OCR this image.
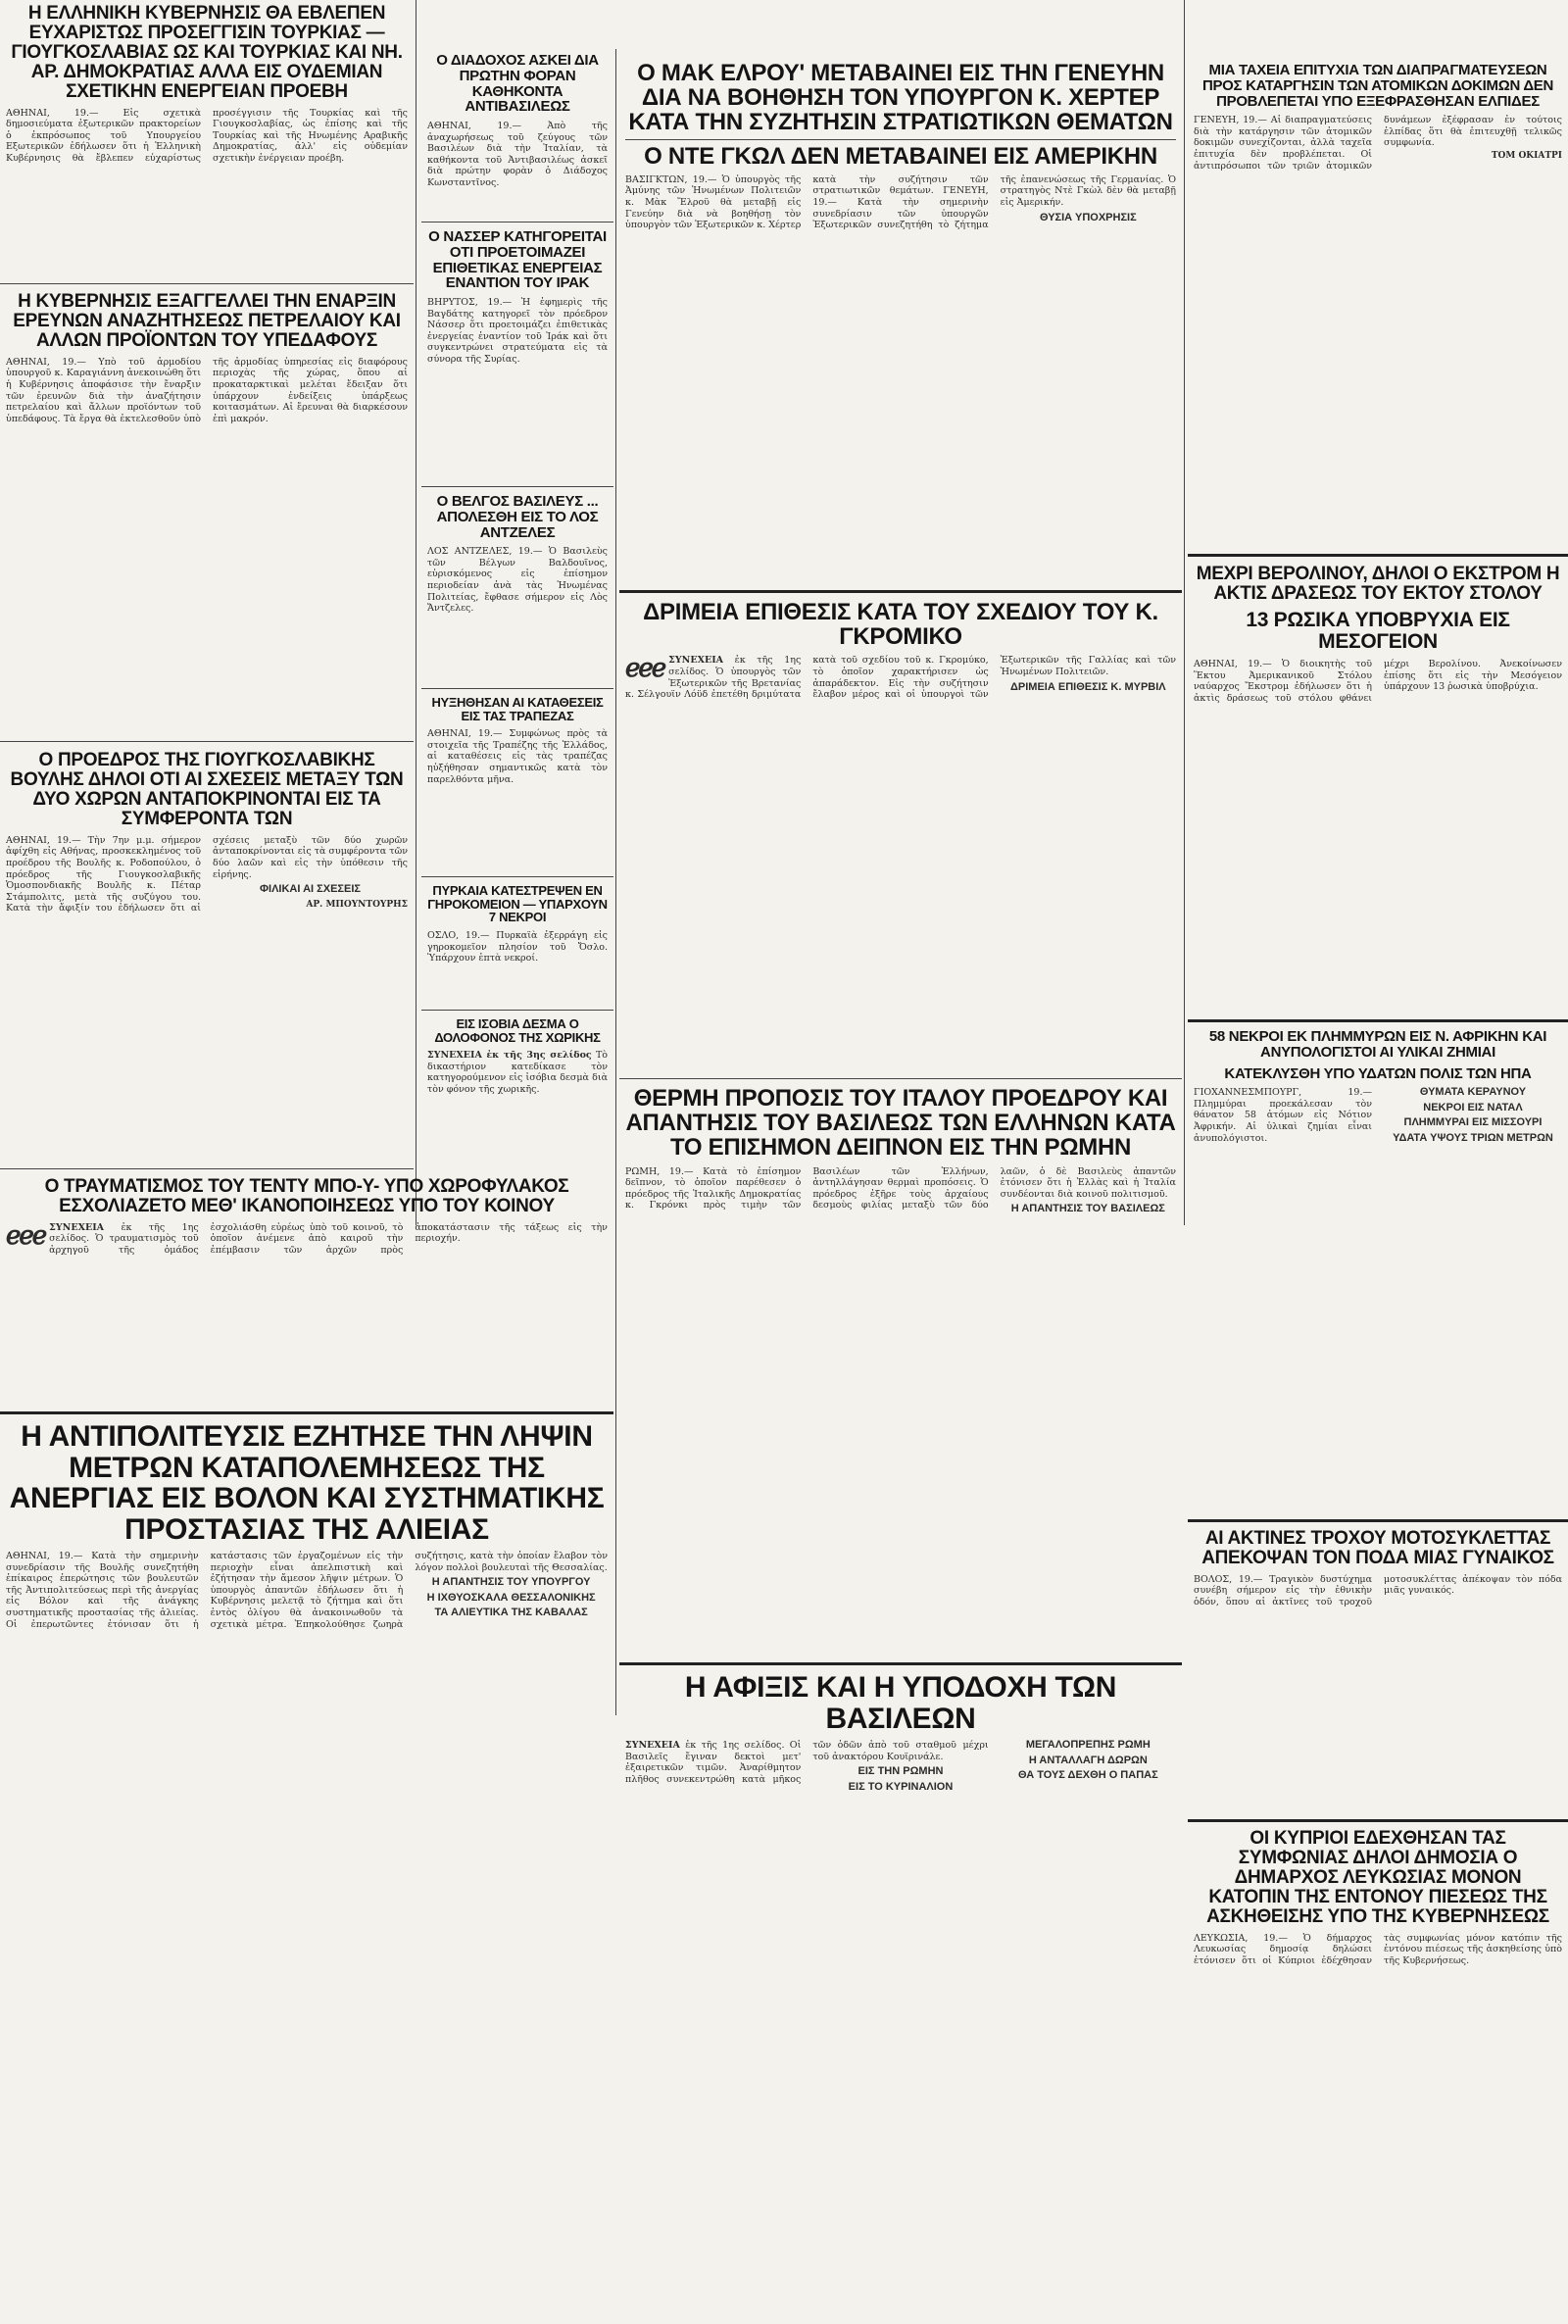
Η ΕΛΛΗΝΙΚΗ ΚΥΒΕΡΝΗΣΙΣ ΘΑ ΕΒΛΕΠΕΝ ΕΥΧΑΡΙΣΤΩΣ ΠΡΟΣΕΓΓΙΣΙΝ ΤΟΥΡΚΙΑΣ — ΓΙΟΥΓΚΟΣΛΑΒΙΑΣ ΩΣ ΚΑΙ ΤΟΥΡΚΙΑΣ ΚΑΙ ΝΗ. ΑΡ. ΔΗΜΟΚΡΑΤΙΑΣ ΑΛΛΑ ΕΙΣ ΟΥΔΕΜΙΑΝ ΣΧΕΤΙΚΗΝ ΕΝΕΡΓΕΙΑΝ ΠΡΟΕΒΗ
ΑΘΗΝΑΙ, 19.— Εἰς σχετικὰ δημοσιεύματα ἐξωτερικῶν πρακτορείων ὁ ἐκπρόσωπος τοῦ Υπουργείου Εξωτερικῶν ἐδήλωσεν ὅτι ἡ Ἑλληνικὴ Κυβέρνησις θὰ ἔβλεπεν εὐχαρίστως προσέγγισιν τῆς Τουρκίας καὶ τῆς Γιουγκοσλαβίας, ὡς ἐπίσης καὶ τῆς Τουρκίας καὶ τῆς Ηνωμένης Αραβικῆς Δημοκρατίας, ἀλλ' εἰς οὐδεμίαν σχετικὴν ἐνέργειαν προέβη.
Η ΚΥΒΕΡΝΗΣΙΣ ΕΞΑΓΓΕΛΛΕΙ ΤΗΝ ΕΝΑΡΞΙΝ ΕΡΕΥΝΩΝ ΑΝΑΖΗΤΗΣΕΩΣ ΠΕΤΡΕΛΑΙΟΥ ΚΑΙ ΑΛΛΩΝ ΠΡΟΪΟΝΤΩΝ ΤΟΥ ΥΠΕΔΑΦΟΥΣ
ΑΘΗΝΑΙ, 19.— Υπὸ τοῦ ἁρμοδίου ὑπουργοῦ κ. Καραγιάννη ἀνεκοινώθη ὅτι ἡ Κυβέρνησις ἀποφάσισε τὴν ἔναρξιν τῶν ἐρευνῶν διὰ τὴν ἀναζήτησιν πετρελαίου καὶ ἄλλων προϊόντων τοῦ ὑπεδάφους. Τὰ ἔργα θὰ ἐκτελεσθοῦν ὑπὸ τῆς ἀρμοδίας ὑπηρεσίας εἰς διαφόρους περιοχὰς τῆς χώρας, ὅπου αἱ προκαταρκτικαὶ μελέται ἔδειξαν ὅτι ὑπάρχουν ἐνδείξεις ὑπάρξεως κοιτασμάτων. Αἱ ἔρευναι θὰ διαρκέσουν ἐπὶ μακρόν.
Ο ΠΡΟΕΔΡΟΣ ΤΗΣ ΓΙΟΥΓΚΟΣΛΑΒΙΚΗΣ ΒΟΥΛΗΣ ΔΗΛΟΙ ΟΤΙ ΑΙ ΣΧΕΣΕΙΣ ΜΕΤΑΞΥ ΤΩΝ ΔΥΟ ΧΩΡΩΝ ΑΝΤΑΠΟΚΡΙΝΟΝΤΑΙ ΕΙΣ ΤΑ ΣΥΜΦΕΡΟΝΤΑ ΤΩΝ
ΑΘΗΝΑΙ, 19.— Τὴν 7ην μ.μ. σήμερον ἀφίχθη εἰς Αθήνας, προσκεκλημένος τοῦ προέδρου τῆς Βουλῆς κ. Ροδοπούλου, ὁ πρόεδρος τῆς Γιουγκοσλαβικῆς Ὁμοσπονδιακῆς Βουλῆς κ. Πέταρ Στάμπολιτς, μετὰ τῆς συζύγου του. Κατὰ τὴν ἄφιξίν του ἐδήλωσεν ὅτι αἱ σχέσεις μεταξὺ τῶν δύο χωρῶν ἀνταποκρίνονται εἰς τὰ συμφέροντα τῶν δύο λαῶν καὶ εἰς τὴν ὑπόθεσιν τῆς εἰρήνης.
ΦΙΛΙΚΑΙ ΑΙ ΣΧΕΣΕΙΣ
ΑΡ. ΜΠΟΥΝΤΟΥΡΗΣ
Ο ΤΡΑΥΜΑΤΙΣΜΟΣ ΤΟΥ ΤΕΝΤΥ ΜΠΟ-Υ- ΥΠΟ ΧΩΡΟΦΥΛΑΚΟΣ ΕΣΧΟΛΙΑΖΕΤΟ ΜΕΘ' ΙΚΑΝΟΠΟΙΗΣΕΩΣ ΥΠΟ ΤΟΥ ΚΟΙΝΟΥ
ℯℯℯ ΣΥΝΕΧΕΙΑ ἐκ τῆς 1ης σελίδος. Ὁ τραυματισμὸς τοῦ ἀρχηγοῦ τῆς ὁμάδος ἐσχολιάσθη εὐρέως ὑπὸ τοῦ κοινοῦ, τὸ ὁποῖον ἀνέμενε ἀπὸ καιροῦ τὴν ἐπέμβασιν τῶν ἀρχῶν πρὸς ἀποκατάστασιν τῆς τάξεως εἰς τὴν περιοχήν.
Η ΑΝΤΙΠΟΛΙΤΕΥΣΙΣ ΕΖΗΤΗΣΕ ΤΗΝ ΛΗΨΙΝ ΜΕΤΡΩΝ ΚΑΤΑΠΟΛΕΜΗΣΕΩΣ ΤΗΣ ΑΝΕΡΓΙΑΣ ΕΙΣ ΒΟΛΟΝ ΚΑΙ ΣΥΣΤΗΜΑΤΙΚΗΣ ΠΡΟΣΤΑΣΙΑΣ ΤΗΣ ΑΛΙΕΙΑΣ
ΑΘΗΝΑΙ, 19.— Κατὰ τὴν σημερινὴν συνεδρίασιν τῆς Βουλῆς συνεζητήθη ἐπίκαιρος ἐπερώτησις τῶν βουλευτῶν τῆς Ἀντιπολιτεύσεως περὶ τῆς ἀνεργίας εἰς Βόλον καὶ τῆς ἀνάγκης συστηματικῆς προστασίας τῆς ἁλιείας. Οἱ ἐπερωτῶντες ἐτόνισαν ὅτι ἡ κατάστασις τῶν ἐργαζομένων εἰς τὴν περιοχὴν εἶναι ἀπελπιστικὴ καὶ ἐζήτησαν τὴν ἄμεσον λῆψιν μέτρων. Ὁ ὑπουργὸς ἀπαντῶν ἐδήλωσεν ὅτι ἡ Κυβέρνησις μελετᾷ τὸ ζήτημα καὶ ὅτι ἐντὸς ὀλίγου θὰ ἀνακοινωθοῦν τὰ σχετικὰ μέτρα. Ἐπηκολούθησε ζωηρὰ συζήτησις, κατὰ τὴν ὁποίαν ἔλαβον τὸν λόγον πολλοὶ βουλευταὶ τῆς Θεσσαλίας.
Η ΑΠΑΝΤΗΣΙΣ ΤΟΥ ΥΠΟΥΡΓΟΥ
Η ΙΧΘΥΟΣΚΑΛΑ ΘΕΣΣΑΛΟΝΙΚΗΣ
ΤΑ ΑΛΙΕΥΤΙΚΑ ΤΗΣ ΚΑΒΑΛΑΣ
Ο ΔΙΑΔΟΧΟΣ ΑΣΚΕΙ ΔΙΑ ΠΡΩΤΗΝ ΦΟΡΑΝ ΚΑΘΗΚΟΝΤΑ ΑΝΤΙΒΑΣΙΛΕΩΣ
ΑΘΗΝΑΙ, 19.— Ἀπὸ τῆς ἀναχωρήσεως τοῦ ζεύγους τῶν Βασιλέων διὰ τὴν Ἰταλίαν, τὰ καθήκοντα τοῦ Ἀντιβασιλέως ἀσκεῖ διὰ πρώτην φορὰν ὁ Διάδοχος Κωνσταντῖνος.
Ο ΝΑΣΣΕΡ ΚΑΤΗΓΟΡΕΙΤΑΙ ΟΤΙ ΠΡΟΕΤΟΙΜΑΖΕΙ ΕΠΙΘΕΤΙΚΑΣ ΕΝΕΡΓΕΙΑΣ ΕΝΑΝΤΙΟΝ ΤΟΥ ΙΡΑΚ
ΒΗΡΥΤΟΣ, 19.— Ἡ ἐφημερὶς τῆς Βαγδάτης κατηγορεῖ τὸν πρόεδρον Νάσσερ ὅτι προετοιμάζει ἐπιθετικὰς ἐνεργείας ἐναντίον τοῦ Ἰράκ καὶ ὅτι συγκεντρώνει στρατεύματα εἰς τὰ σύνορα τῆς Συρίας.
Ο ΒΕΛΓΟΣ ΒΑΣΙΛΕΥΣ ... ΑΠΟΛΕΣΘΗ ΕΙΣ ΤΟ ΛΟΣ ΑΝΤΖΕΛΕΣ
ΛΟΣ ΑΝΤΖΕΛΕΣ, 19.— Ὁ Βασιλεὺς τῶν Βέλγων Βαλδουῖνος, εὑρισκόμενος εἰς ἐπίσημον περιοδείαν ἀνὰ τὰς Ἡνωμένας Πολιτείας, ἔφθασε σήμερον εἰς Λὸς Ἄντζελες.
ΗΥΞΗΘΗΣΑΝ ΑΙ ΚΑΤΑΘΕΣΕΙΣ ΕΙΣ ΤΑΣ ΤΡΑΠΕΖΑΣ
ΑΘΗΝΑΙ, 19.— Συμφώνως πρὸς τὰ στοιχεῖα τῆς Τραπέζης τῆς Ἑλλάδος, αἱ καταθέσεις εἰς τὰς τραπέζας ηὐξήθησαν σημαντικῶς κατὰ τὸν παρελθόντα μῆνα.
ΠΥΡΚΑΙΑ ΚΑΤΕΣΤΡΕΨΕΝ ΕΝ ΓΗΡΟΚΟΜΕΙΟΝ — ΥΠΑΡΧΟΥΝ 7 ΝΕΚΡΟΙ
ΟΣΛΟ, 19.— Πυρκαϊὰ ἐξερράγη εἰς γηροκομεῖον πλησίον τοῦ Ὄσλο. Ὑπάρχουν ἑπτὰ νεκροί.
ΕΙΣ ΙΣΟΒΙΑ ΔΕΣΜΑ Ο ΔΟΛΟΦΟΝΟΣ ΤΗΣ ΧΩΡΙΚΗΣ
ΣΥΝΕΧΕΙΑ ἐκ τῆς 3ης σελίδος Τὸ δικαστήριον κατεδίκασε τὸν κατηγορούμενον εἰς ἰσόβια δεσμὰ διὰ τὸν φόνον τῆς χωρικῆς.
Ο ΜΑΚ ΕΛΡΟΥ' ΜΕΤΑΒΑΙΝΕΙ ΕΙΣ ΤΗΝ ΓΕΝΕΥΗΝ
ΔΙΑ ΝΑ ΒΟΗΘΗΣΗ ΤΟΝ ΥΠΟΥΡΓΟΝ Κ. ΧΕΡΤΕΡ
ΚΑΤΑ ΤΗΝ ΣΥΖΗΤΗΣΙΝ ΣΤΡΑΤΙΩΤΙΚΩΝ ΘΕΜΑΤΩΝ
Ο ΝΤΕ ΓΚΩΛ ΔΕΝ ΜΕΤΑΒΑΙΝΕΙ ΕΙΣ ΑΜΕΡΙΚΗΝ
ΒΑΣΙΓΚΤΩΝ, 19.— Ὁ ὑπουργὸς τῆς Ἀμύνης τῶν Ἡνωμένων Πολιτειῶν κ. Μὰκ Ἔλροϋ θὰ μεταβῇ εἰς Γενεύην διὰ νὰ βοηθήσῃ τὸν ὑπουργὸν τῶν Ἐξωτερικῶν κ. Χέρτερ κατὰ τὴν συζήτησιν τῶν στρατιωτικῶν θεμάτων. ΓΕΝΕΥΗ, 19.— Κατὰ τὴν σημερινὴν συνεδρίασιν τῶν ὑπουργῶν Ἐξωτερικῶν συνεζητήθη τὸ ζήτημα τῆς ἐπανενώσεως τῆς Γερμανίας. Ὁ στρατηγὸς Ντὲ Γκὼλ δὲν θὰ μεταβῇ εἰς Ἀμερικήν.
ΘΥΣΙΑ ΥΠΟΧΡΗΣΙΣ
ΔΡΙΜΕΙΑ ΕΠΙΘΕΣΙΣ ΚΑΤΑ ΤΟΥ ΣΧΕΔΙΟΥ ΤΟΥ Κ. ΓΚΡΟΜΙΚΟ
ℯℯℯ ΣΥΝΕΧΕΙΑ ἐκ τῆς 1ης σελίδος. Ὁ ὑπουργὸς τῶν Ἐξωτερικῶν τῆς Βρετανίας κ. Σέλγουϊν Λόϋδ ἐπετέθη δριμύτατα κατὰ τοῦ σχεδίου τοῦ κ. Γκρομύκο, τὸ ὁποῖον χαρακτήρισεν ὡς ἀπαράδεκτον. Εἰς τὴν συζήτησιν ἔλαβον μέρος καὶ οἱ ὑπουργοὶ τῶν Ἐξωτερικῶν τῆς Γαλλίας καὶ τῶν Ἡνωμένων Πολιτειῶν.
ΔΡΙΜΕΙΑ ΕΠΙΘΕΣΙΣ Κ. ΜΥΡΒΙΛ
ΘΕΡΜΗ ΠΡΟΠΟΣΙΣ ΤΟΥ ΙΤΑΛΟΥ ΠΡΟΕΔΡΟΥ ΚΑΙ ΑΠΑΝΤΗΣΙΣ ΤΟΥ ΒΑΣΙΛΕΩΣ ΤΩΝ ΕΛΛΗΝΩΝ ΚΑΤΑ ΤΟ ΕΠΙΣΗΜΟΝ ΔΕΙΠΝΟΝ ΕΙΣ ΤΗΝ ΡΩΜΗΝ
ΡΩΜΗ, 19.— Κατὰ τὸ ἐπίσημον δεῖπνον, τὸ ὁποῖον παρέθεσεν ὁ πρόεδρος τῆς Ἰταλικῆς Δημοκρατίας κ. Γκρόνκι πρὸς τιμὴν τῶν Βασιλέων τῶν Ἑλλήνων, ἀντηλλάγησαν θερμαὶ προπόσεις. Ὁ πρόεδρος ἐξῆρε τοὺς ἀρχαίους δεσμοὺς φιλίας μεταξὺ τῶν δύο λαῶν, ὁ δὲ Βασιλεὺς ἀπαντῶν ἐτόνισεν ὅτι ἡ Ἑλλὰς καὶ ἡ Ἰταλία συνδέονται διὰ κοινοῦ πολιτισμοῦ.
Η ΑΠΑΝΤΗΣΙΣ ΤΟΥ ΒΑΣΙΛΕΩΣ
Η ΑΦΙΞΙΣ ΚΑΙ Η ΥΠΟΔΟΧΗ ΤΩΝ ΒΑΣΙΛΕΩΝ
ΣΥΝΕΧΕΙΑ ἐκ τῆς 1ης σελίδος. Οἱ Βασιλεῖς ἔγιναν δεκτοὶ μετ' ἐξαιρετικῶν τιμῶν. Ἀναρίθμητον πλῆθος συνεκεντρώθη κατὰ μῆκος τῶν ὁδῶν ἀπὸ τοῦ σταθμοῦ μέχρι τοῦ ἀνακτόρου Κουϊρινάλε.
ΕΙΣ ΤΗΝ ΡΩΜΗΝ
ΕΙΣ ΤΟ ΚΥΡΙΝΑΛΙΟΝ
ΜΕΓΑΛΟΠΡΕΠΗΣ ΡΩΜΗ
Η ΑΝΤΑΛΛΑΓΗ ΔΩΡΩΝ
ΘΑ ΤΟΥΣ ΔΕΧΘΗ Ο ΠΑΠΑΣ
ΜΙΑ ΤΑΧΕΙΑ ΕΠΙΤΥΧΙΑ ΤΩΝ ΔΙΑΠΡΑΓΜΑΤΕΥΣΕΩΝ ΠΡΟΣ ΚΑΤΑΡΓΗΣΙΝ ΤΩΝ ΑΤΟΜΙΚΩΝ ΔΟΚΙΜΩΝ ΔΕΝ ΠΡΟΒΛΕΠΕΤΑΙ ΥΠΟ ΕΞΕΦΡΑΣΘΗΣΑΝ ΕΛΠΙΔΕΣ
ΓΕΝΕΥΗ, 19.— Αἱ διαπραγματεύσεις διὰ τὴν κατάργησιν τῶν ἀτομικῶν δοκιμῶν συνεχίζονται, ἀλλὰ ταχεῖα ἐπιτυχία δὲν προβλέπεται. Οἱ ἀντιπρόσωποι τῶν τριῶν ἀτομικῶν δυνάμεων ἐξέφρασαν ἐν τούτοις ἐλπίδας ὅτι θὰ ἐπιτευχθῇ τελικῶς συμφωνία.
ΤΟΜ ΟΚΙΑΤΡΙ
ΜΕΧΡΙ ΒΕΡΟΛΙΝΟΥ, ΔΗΛΟΙ Ο ΕΚΣΤΡΟΜ Η ΑΚΤΙΣ ΔΡΑΣΕΩΣ ΤΟΥ ΕΚΤΟΥ ΣΤΟΛΟΥ
13 ΡΩΣΙΚΑ ΥΠΟΒΡΥΧΙΑ ΕΙΣ ΜΕΣΟΓΕΙΟΝ
ΑΘΗΝΑΙ, 19.— Ὁ διοικητὴς τοῦ Ἕκτου Ἀμερικανικοῦ Στόλου ναύαρχος Ἔκστρομ ἐδήλωσεν ὅτι ἡ ἀκτὶς δράσεως τοῦ στόλου φθάνει μέχρι Βερολίνου. Ἀνεκοίνωσεν ἐπίσης ὅτι εἰς τὴν Μεσόγειον ὑπάρχουν 13 ῥωσικὰ ὑποβρύχια.
58 ΝΕΚΡΟΙ ΕΚ ΠΛΗΜΜΥΡΩΝ ΕΙΣ Ν. ΑΦΡΙΚΗΝ ΚΑΙ ΑΝΥΠΟΛΟΓΙΣΤΟΙ ΑΙ ΥΛΙΚΑΙ ΖΗΜΙΑΙ
ΚΑΤΕΚΛΥΣΘΗ ΥΠΟ ΥΔΑΤΩΝ ΠΟΛΙΣ ΤΩΝ ΗΠΑ
ΓΙΟΧΑΝΝΕΣΜΠΟΥΡΓ, 19.— Πλημμύραι προεκάλεσαν τὸν θάνατον 58 ἀτόμων εἰς Νότιον Ἀφρικήν. Αἱ ὑλικαὶ ζημίαι εἶναι ἀνυπολόγιστοι.
ΘΥΜΑΤΑ ΚΕΡΑΥΝΟΥ
ΝΕΚΡΟΙ ΕΙΣ ΝΑΤΑΛ
ΠΛΗΜΜΥΡΑΙ ΕΙΣ ΜΙΣΣΟΥΡΙ
ΥΔΑΤΑ ΥΨΟΥΣ ΤΡΙΩΝ ΜΕΤΡΩΝ
ΑΙ ΑΚΤΙΝΕΣ ΤΡΟΧΟΥ ΜΟΤΟΣΥΚΛΕΤΤΑΣ ΑΠΕΚΟΨΑΝ ΤΟΝ ΠΟΔΑ ΜΙΑΣ ΓΥΝΑΙΚΟΣ
ΒΟΛΟΣ, 19.— Τραγικὸν δυστύχημα συνέβη σήμερον εἰς τὴν ἐθνικὴν ὁδόν, ὅπου αἱ ἀκτῖνες τοῦ τροχοῦ μοτοσυκλέττας ἀπέκοψαν τὸν πόδα μιᾶς γυναικός.
ΟΙ ΚΥΠΡΙΟΙ ΕΔΕΧΘΗΣΑΝ ΤΑΣ ΣΥΜΦΩΝΙΑΣ ΔΗΛΟΙ ΔΗΜΟΣΙΑ Ο ΔΗΜΑΡΧΟΣ ΛΕΥΚΩΣΙΑΣ ΜΟΝΟΝ ΚΑΤΟΠΙΝ ΤΗΣ ΕΝΤΟΝΟΥ ΠΙΕΣΕΩΣ ΤΗΣ ΑΣΚΗΘΕΙΣΗΣ ΥΠΟ ΤΗΣ ΚΥΒΕΡΝΗΣΕΩΣ
ΛΕΥΚΩΣΙΑ, 19.— Ὁ δήμαρχος Λευκωσίας δημοσίᾳ δηλώσει ἐτόνισεν ὅτι οἱ Κύπριοι ἐδέχθησαν τὰς συμφωνίας μόνον κατόπιν τῆς ἐντόνου πιέσεως τῆς ἀσκηθείσης ὑπὸ τῆς Κυβερνήσεως.
